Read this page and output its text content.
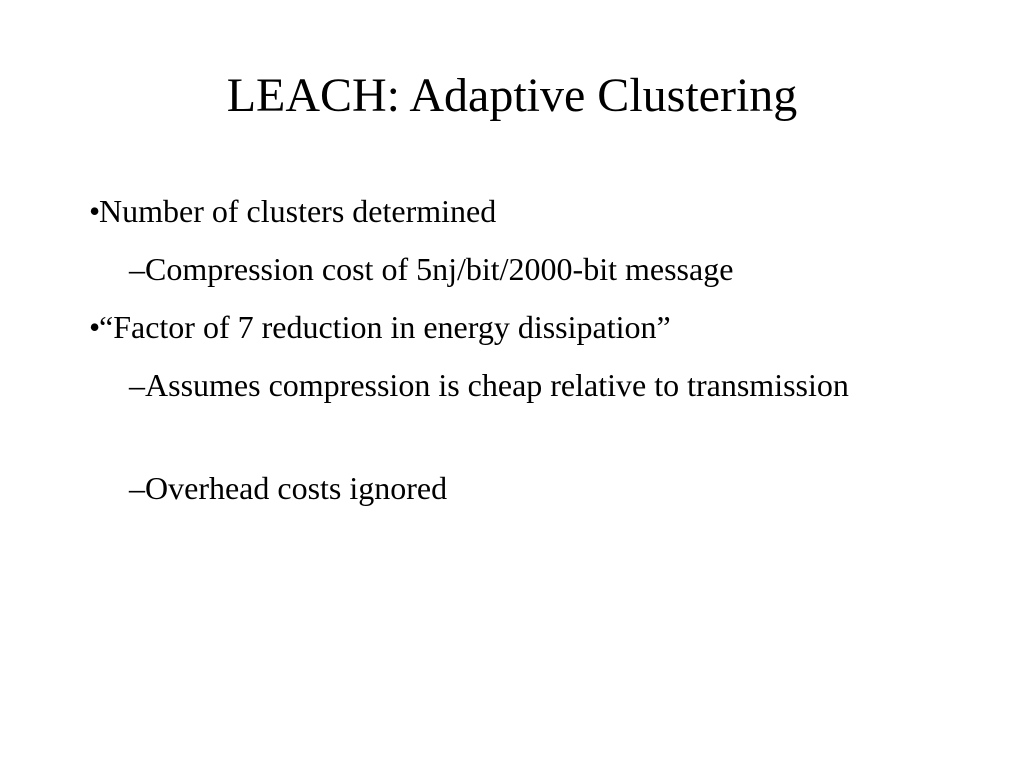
LEACH: Adaptive Clustering
•
Number of clusters determined
– Compression cost of 5nj/bit/2000-bit message
•
“Factor of 7 reduction in energy dissipation”
– Assumes compression is cheap relative to transmission
– Overhead costs ignored
